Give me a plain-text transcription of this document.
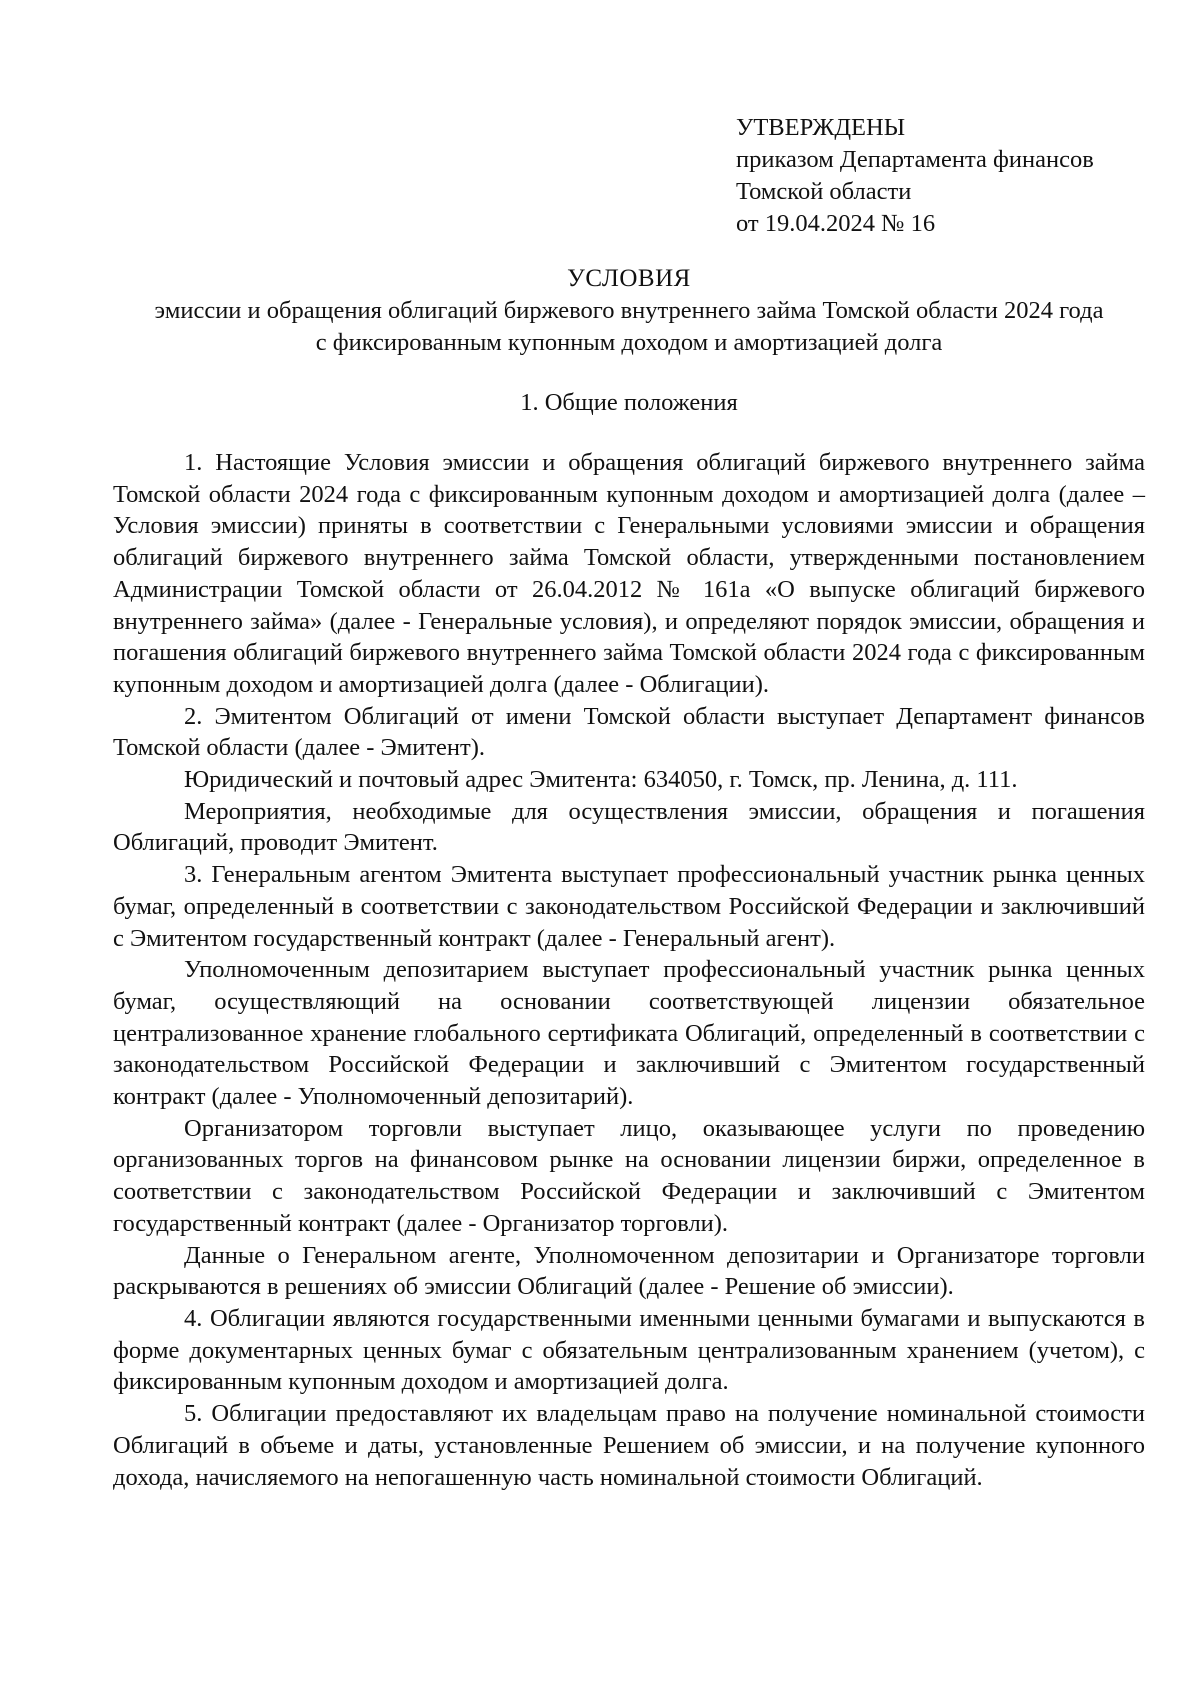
УТВЕРЖДЕНЫ
приказом Департамента финансов
Томской области
от 19.04.2024 № 16
УСЛОВИЯ
эмиссии и обращения облигаций биржевого внутреннего займа Томской области 2024 года
с фиксированным купонным доходом и амортизацией долга
1. Общие положения

1. Настоящие Условия эмиссии и обращения облигаций биржевого внутреннего займа Томской области 2024 года с фиксированным купонным доходом и амортизацией долга (далее – Условия эмиссии) приняты в соответствии с Генеральными условиями эмиссии и обращения облигаций биржевого внутреннего займа Томской области, утвержденными постановлением Администрации Томской области от 26.04.2012 № 161а «О выпуске облигаций биржевого внутреннего займа» (далее - Генеральные условия), и определяют порядок эмиссии, обращения и погашения облигаций биржевого внутреннего займа Томской области 2024 года с фиксированным купонным доходом и амортизацией долга (далее - Облигации).

2. Эмитентом Облигаций от имени Томской области выступает Департамент финансов Томской области (далее - Эмитент).

Юридический и почтовый адрес Эмитента: 634050, г. Томск, пр. Ленина, д. 111.

Мероприятия, необходимые для осуществления эмиссии, обращения и погашения Облигаций, проводит Эмитент.

3. Генеральным агентом Эмитента выступает профессиональный участник рынка ценных бумаг, определенный в соответствии с законодательством Российской Федерации и заключивший с Эмитентом государственный контракт (далее - Генеральный агент).

Уполномоченным депозитарием выступает профессиональный участник рынка ценных бумаг, осуществляющий на основании соответствующей лицензии обязательное централизованное хранение глобального сертификата Облигаций, определенный в соответствии с законодательством Российской Федерации и заключивший с Эмитентом государственный контракт (далее - Уполномоченный депозитарий).

Организатором торговли выступает лицо, оказывающее услуги по проведению организованных торгов на финансовом рынке на основании лицензии биржи, определенное в соответствии с законодательством Российской Федерации и заключивший с Эмитентом государственный контракт (далее - Организатор торговли).

Данные о Генеральном агенте, Уполномоченном депозитарии и Организаторе торговли раскрываются в решениях об эмиссии Облигаций (далее - Решение об эмиссии).

4. Облигации являются государственными именными ценными бумагами и выпускаются в форме документарных ценных бумаг с обязательным централизованным хранением (учетом), с фиксированным купонным доходом и амортизацией долга.

5. Облигации предоставляют их владельцам право на получение номинальной стоимости Облигаций в объеме и даты, установленные Решением об эмиссии, и на получение купонного дохода, начисляемого на непогашенную часть номинальной стоимости Облигаций.
